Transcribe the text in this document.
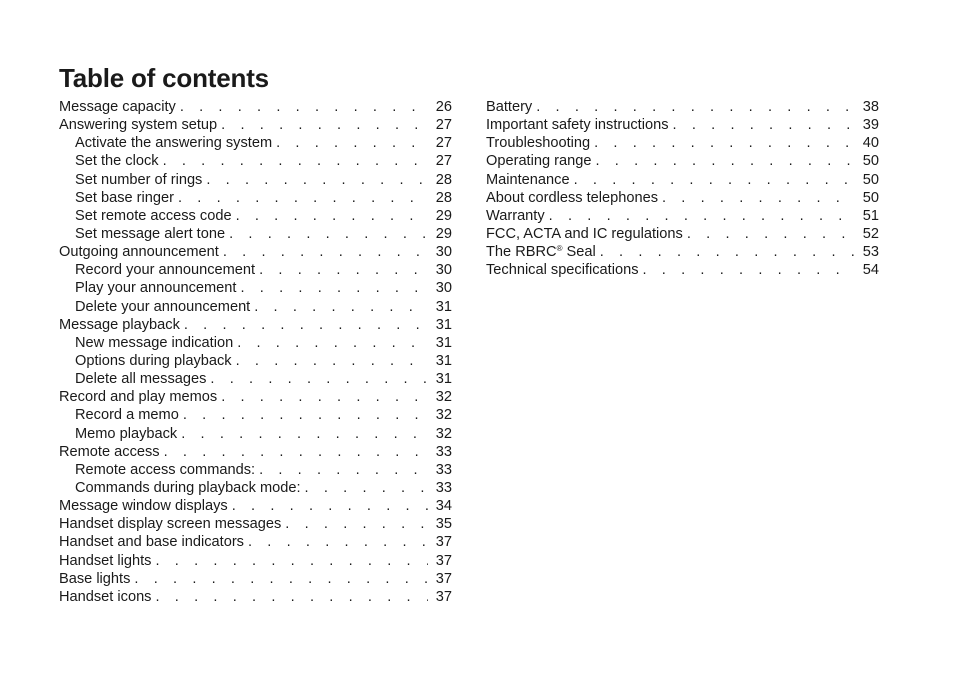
Table of contents
Message capacity . . .	26
Answering system setup . . .	27
Activate the answering system . . .	27
Set the clock . . .	27
Set number of rings . . .	28
Set base ringer . . .	28
Set remote access code . . .	29
Set message alert tone . . .	29
Outgoing announcement . . .	30
Record your announcement . . .	30
Play your announcement . . .	30
Delete your announcement . . .	31
Message playback . . .	31
New message indication . . .	31
Options during playback . . .	31
Delete all messages . . .	31
Record and play memos . . .	32
Record a memo . . .	32
Memo playback . . .	32
Remote access . . .	33
Remote access commands: . . .	33
Commands during playback mode: . . .	33
Message window displays . . .	34
Handset display screen messages . . .	35
Handset and base indicators . . .	37
Handset lights . . .	37
Base lights . . .	37
Handset icons . . .	37
Battery . . .	38
Important safety instructions . . .	39
Troubleshooting . . .	40
Operating range . . .	50
Maintenance . . .	50
About cordless telephones . . .	50
Warranty . . .	51
FCC, ACTA and IC regulations . . .	52
The RBRC® Seal . . .	53
Technical specifications . . .	54
